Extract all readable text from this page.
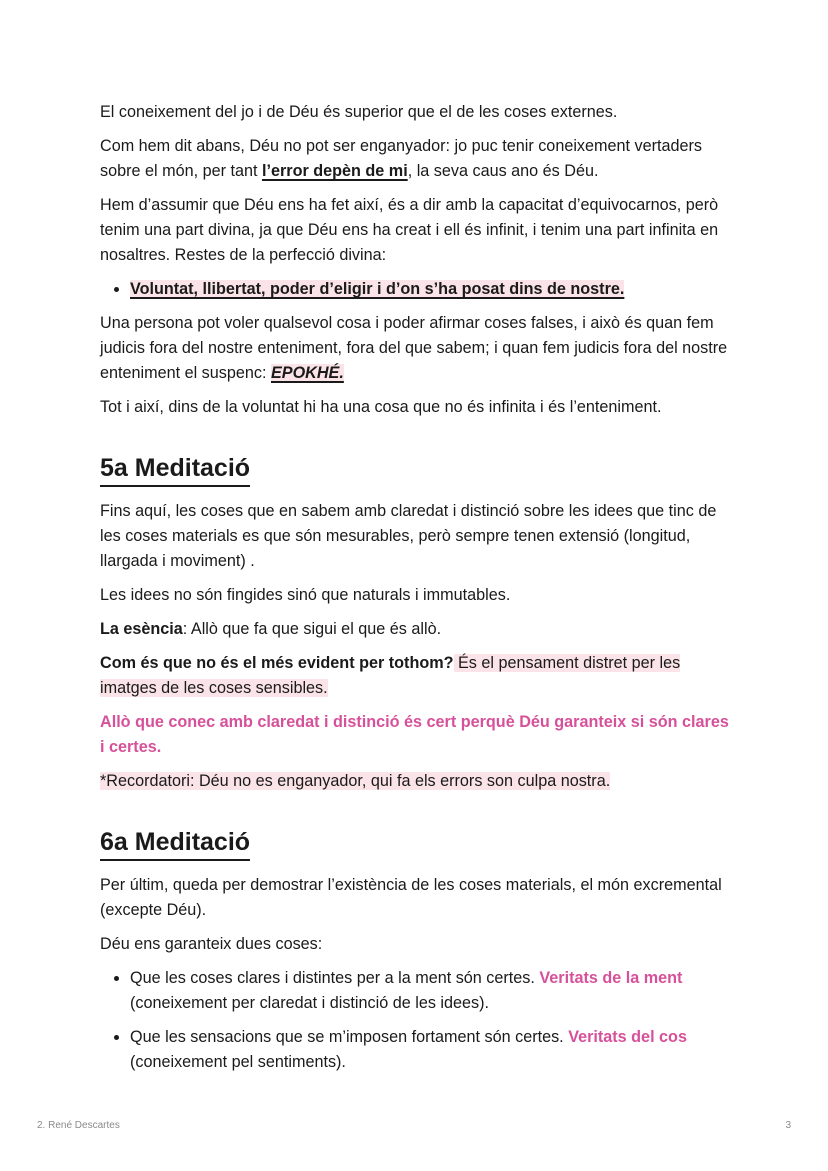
El coneixement del jo i de Déu és superior que el de les coses externes.

Com hem dit abans, Déu no pot ser enganyador: jo puc tenir coneixement vertaders sobre el món, per tant l’error depèn de mi, la seva caus ano és Déu.

Hem d’assumir que Déu ens ha fet així, és a dir amb la capacitat d’equivocarnos, però tenim una part divina, ja que Déu ens ha creat i ell és infinit, i tenim una part infinita en nosaltres. Restes de la perfecció divina:

• Voluntat, llibertat, poder d’eligir i d’on s’ha posat dins de nostre.

Una persona pot voler qualsevol cosa i poder afirmar coses falses, i això és quan fem judicis fora del nostre enteniment, fora del que sabem; i quan fem judicis fora del nostre enteniment el suspenc: EPOKHÉ.

Tot i així, dins de la voluntat hi ha una cosa que no és infinita i és l’enteniment.

5a Meditació

Fins aquí, les coses que en sabem amb claredat i distinció sobre les idees que tinc de les coses materials es que són mesurables, però sempre tenen extensió (longitud, llargada i moviment) .

Les idees no són fingides sinó que naturals i immutables.

La esència: Allò que fa que sigui el que és allò.

Com és que no és el més evident per tothom? És el pensament distret per les imatges de les coses sensibles.

Allò que conec amb claredat i distinció és cert perquè Déu garanteix si són clares i certes.

*Recordatori: Déu no es enganyador, qui fa els errors son culpa nostra.

6a Meditació

Per últim, queda per demostrar l’existència de les coses materials, el món excremental (excepte Déu).

Déu ens garanteix dues coses:

• Que les coses clares i distintes per a la ment són certes. Veritats de la ment (coneixement per claredat i distinció de les idees).
• Que les sensacions que se m’imposen fortament són certes. Veritats del cos (coneixement pel sentiments).
2. René Descartes	3
